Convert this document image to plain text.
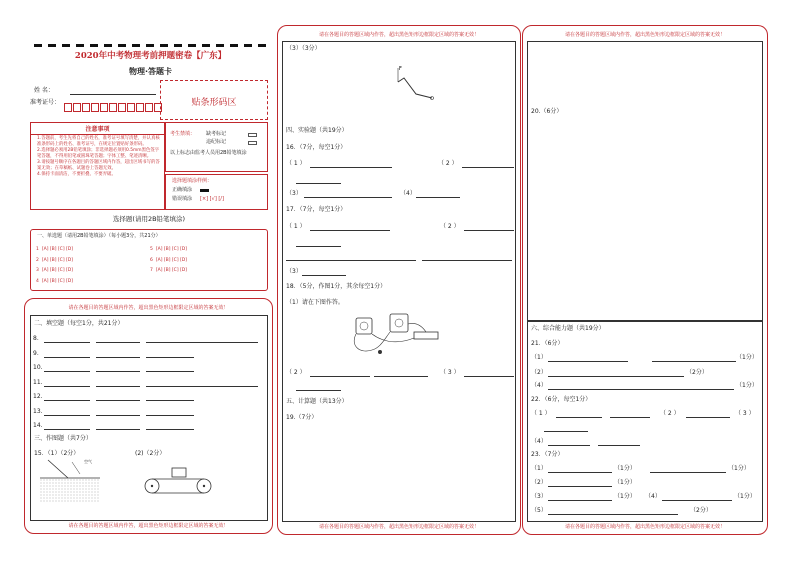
2020年中考物理考前押题密卷【广东】
物理·答题卡
姓 名：
准考证号：	贴条形码区
注意事项
1.答题前，考生先将自己的姓名，准考证号填写清楚，并认真核准条形码上的姓名、准考证号，在规定位置贴好条形码。
2.选择题必须用2B铅笔填涂；非选择题必须用0.5mm黑色签字笔答题，不得用铅笔或圆珠笔答题；字体工整、笔迹清晰。
3.请按题号顺序在各题目的答题区域内作答，超出区域书写的答案无效；在草稿纸、试题卷上答题无效。
4.保持卡面清洁，不要折叠、不要弄破。
考生禁填： 缺考标记
违纪标记
以上标志由监考人员用2B铅笔填涂
选择题填涂样例：
正确填涂
错误填涂 [×] [√] [/]
选择题(请用2B铅笔填涂)
一、单选题（请用2B铅笔填涂）（每小题3分，共21分）
1 [A] [B] [C] [D]
2 [A] [B] [C] [D]
3 [A] [B] [C] [D]
4 [A] [B] [C] [D]
5 [A] [B] [C] [D]
6 [A] [B] [C] [D]
7 [A] [B] [C] [D]
请在各题目的答题区域内作答，超出黑色矩形边框限定区域的答案无效！
请在各题目的答题区域内作答，超出黑色矩形边框限定区域的答案无效！
二、填空题（每空1分，共21分）
三、作图题（共7分）
15．（1）（2分）	(2)（2分）
8.
9.
10.
11.
12.
13.
14.
空气
请在各题目的答题区域内作答，超出黑色矩形边框限定区域的答案无效！
请在各题目的答题区域内作答，超出黑色矩形边框限定区域的答案无效！
（3）（3分）
F
四、实验题（共19分）
16．（7分，每空1分）
（ 1 ）	（ 2 ）
（3）	（4）
17．（7分，每空1分）
（ 1 ）	（ 2 ）
（3）
18．（5分，作图1分，其余每空1分）
（1）请在下图作答。
（ 2 ）	（ 3 ）
五、计算题（共13分）
19.（7分）
请在各题目的答题区域内作答，超出黑色矩形边框限定区域的答案无效！
请在各题目的答题区域内作答，超出黑色矩形边框限定区域的答案无效！
20.（6分）
六、综合能力题（共19分）
21．（6分）
（1）	（1分）
（2）	（2分）
（4）	（1分）
22．（6分，每空1分）
（ 1 ）	（ 2 ）	（ 3 ）
（4）
23．（7分）
（1）	（1分）	（1分）
（2）	（1分）
（3）	（1分） （4）	（1分）
（5）	（2分）
